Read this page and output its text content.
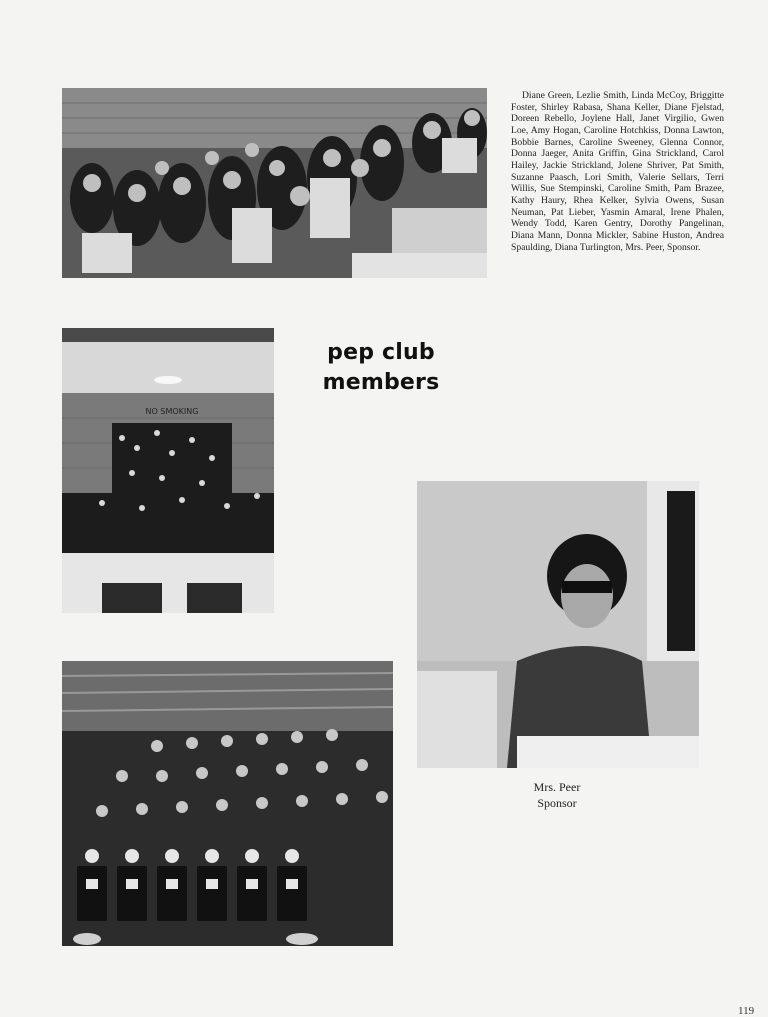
NO SMOKING

Diane Green, Lezlie Smith, Linda McCoy, Briggitte Foster, Shirley Rabasa, Shana Keller, Diane Fjelstad, Doreen Rebello, Joylene Hall, Janet Virgilio, Gwen Loe, Amy Hogan, Caroline Hotchkiss, Donna Lawton, Bobbie Barnes, Caroline Sweeney, Glenna Connor, Donna Jaeger, Anita Griffin, Gina Strickland, Carol Hailey, Jackie Strickland, Jolene Shriver, Pat Smith, Suzanne Paasch, Lori Smith, Valerie Sellars, Terri Willis, Sue Stempinski, Caroline Smith, Pam Brazee, Kathy Haury, Rhea Kelker, Sylvia Owens, Susan Neuman, Pat Lieber, Yasmin Amaral, Irene Phalen, Wendy Todd, Karen Gentry, Dorothy Pangelinan, Diana Mann, Donna Mickler, Sabine Huston, Andrea Spaulding, Diana Turlington, Mrs. Peer, Sponsor.

pep club
members
Mrs. Peer
Sponsor
119
